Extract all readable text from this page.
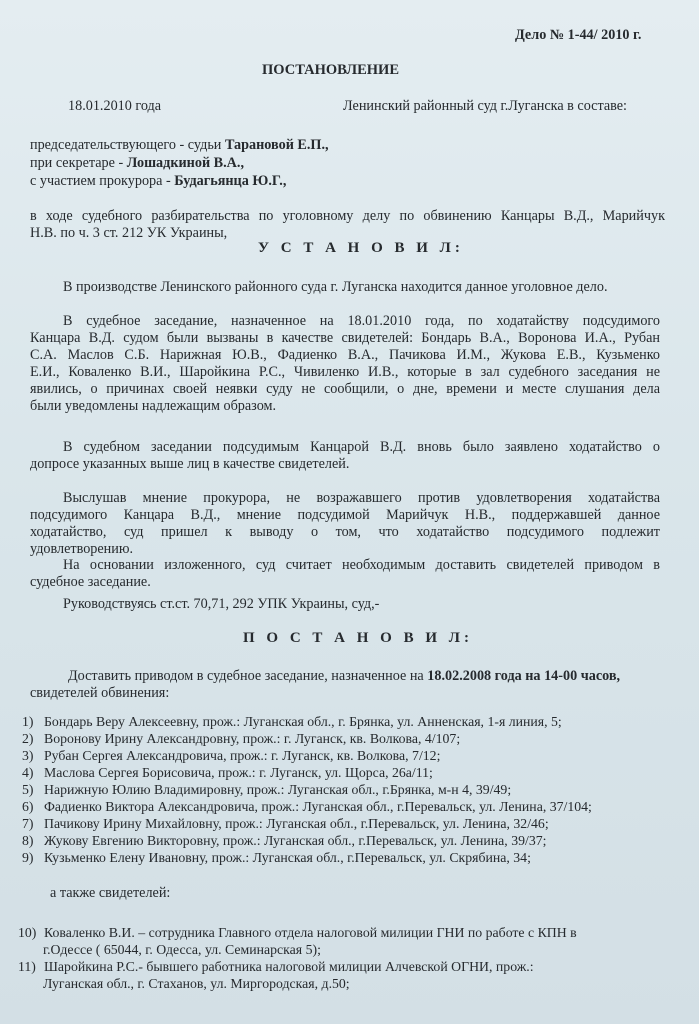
Дело № 1-44/ 2010 г.
ПОСТАНОВЛЕНИЕ
18.01.2010 года	Ленинский районный суд г.Луганска в составе:
председательствующего - судьи Тарановой Е.П.,
при секретаре - Лошадкиной В.А.,
с участием прокурора - Будагьянца Ю.Г.,
в ходе судебного разбирательства по уголовному делу по обвинению Канцары В.Д., Марийчук
Н.В. по ч. 3 ст. 212 УК Украины,
У С Т А Н О В И Л:
В производстве Ленинского районного суда г. Луганска находится данное уголовное дело.
В судебное заседание, назначенное на 18.01.2010 года, по ходатайству подсудимого
Канцара В.Д. судом были вызваны в качестве свидетелей: Бондарь В.А., Воронова И.А., Рубан
С.А. Маслов С.Б. Нарижная Ю.В., Фадиенко В.А., Пачикова И.М., Жукова Е.В., Кузьменко
Е.И., Коваленко В.И., Шаройкина Р.С., Чивиленко И.В., которые в зал судебного заседания не
явились, о причинах своей неявки суду не сообщили, о дне, времени и месте слушания дела
были уведомлены надлежащим образом.
В судебном заседании подсудимым Канцарой В.Д. вновь было заявлено ходатайство о
допросе указанных выше лиц в качестве свидетелей.
Выслушав мнение прокурора, не возражавшего против удовлетворения ходатайства
подсудимого Канцара В.Д., мнение подсудимой Марийчук Н.В., поддержавшей данное
ходатайство, суд пришел к выводу о том, что ходатайство подсудимого подлежит
удовлетворению.
На основании изложенного, суд считает необходимым доставить свидетелей приводом в
судебное заседание.
Руководствуясь ст.ст. 70,71, 292 УПК Украины, суд,-
П О С Т А Н О В И Л:
Доставить приводом в судебное заседание, назначенное на 18.02.2008 года на 14-00 часов,
свидетелей обвинения:
1) Бондарь Веру Алексеевну, прож.: Луганская обл., г. Брянка, ул. Анненская, 1-я линия, 5;
2) Воронову Ирину Александровну, прож.: г. Луганск, кв. Волкова, 4/107;
3) Рубан Сергея Александровича, прож.: г. Луганск, кв. Волкова, 7/12;
4) Маслова Сергея Борисовича, прож.: г. Луганск, ул. Щорса, 26а/11;
5) Нарижную Юлию Владимировну, прож.: Луганская обл., г.Брянка, м-н 4, 39/49;
6) Фадиенко Виктора Александровича, прож.: Луганская обл., г.Перевальск, ул. Ленина, 37/104;
7) Пачикову Ирину Михайловну, прож.: Луганская обл., г.Перевальск, ул. Ленина, 32/46;
8) Жукову Евгению Викторовну, прож.: Луганская обл., г.Перевальск, ул. Ленина, 39/37;
9) Кузьменко Елену Ивановну, прож.: Луганская обл., г.Перевальск, ул. Скрябина, 34;
а также свидетелей:
10) Коваленко В.И. – сотрудника Главного отдела налоговой милиции ГНИ по работе с КПН в
г.Одессе ( 65044, г. Одесса, ул. Семинарская 5);
11) Шаройкина Р.С.- бывшего работника налоговой милиции Алчевской ОГНИ, прож.:
Луганская обл., г. Стаханов, ул. Миргородская, д.50;
